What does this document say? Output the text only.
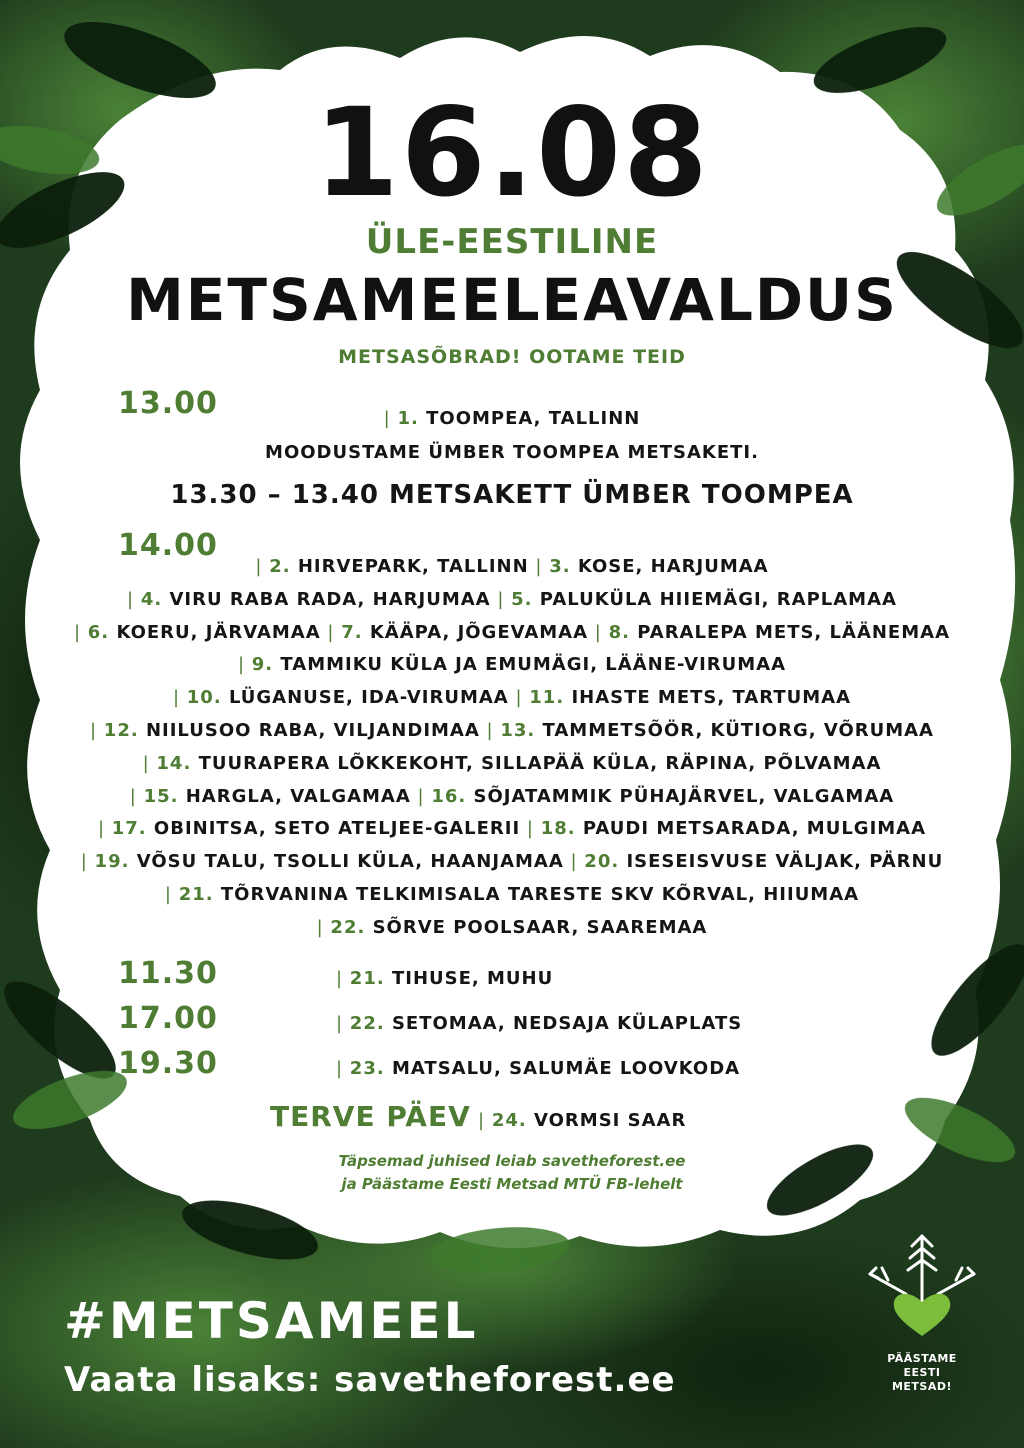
16.08
ÜLE-EESTILINE
METSAMEELEAVALDUS
METSASÕBRAD! OOTAME TEID
13.00	| 1. TOOMPEA, TALLINN
MOODUSTAME ÜMBER TOOMPEA METSAKETI.
13.30 – 13.40 METSAKETT ÜMBER TOOMPEA
14.00
| 2. HIRVEPARK, TALLINN | 3. KOSE, HARJUMAA
| 4. VIRU RABA RADA, HARJUMAA | 5. PALUKÜLA HIIEMÄGI, RAPLAMAA
| 6. KOERU, JÄRVAMAA | 7. KÄÄPA, JÕGEVAMAA | 8. PARALEPA METS, LÄÄNEMAA
| 9. TAMMIKU KÜLA JA EMUMÄGI, LÄÄNE-VIRUMAA
| 10. LÜGANUSE, IDA-VIRUMAA | 11. IHASTE METS, TARTUMAA
| 12. NIILUSOO RABA, VILJANDIMAA | 13. TAMMETSÕÖR, KÜTIORG, VÕRUMAA
| 14. TUURAPERA LÕKKEKOHT, SILLAPÄÄ KÜLA, RÄPINA, PÕLVAMAA
| 15. HARGLA, VALGAMAA | 16. SÕJATAMMIK PÜHAJÄRVEL, VALGAMAA
| 17. OBINITSA, SETO ATELJEE-GALERII | 18. PAUDI METSARADA, MULGIMAA
| 19. VÕSU TALU, TSOLLI KÜLA, HAANJAMAA | 20. ISESEISVUSE VÄLJAK, PÄRNU
| 21. TÕRVANINA TELKIMISALA TARESTE SKV KÕRVAL, HIIUMAA
| 22. SÕRVE POOLSAAR, SAAREMAA
11.30	| 21. TIHUSE, MUHU
17.00	| 22. SETOMAA, NEDSAJA KÜLAPLATS
19.30	| 23. MATSALU, SALUMÄE LOOVKODA
TERVE PÄEV | 24. VORMSI SAAR
Täpsemad juhised leiab savetheforest.ee
ja Päästame Eesti Metsad MTÜ FB-lehelt
#METSAMEEL
Vaata lisaks: savetheforest.ee
PÄÄSTAME
EESTI
METSAD!
